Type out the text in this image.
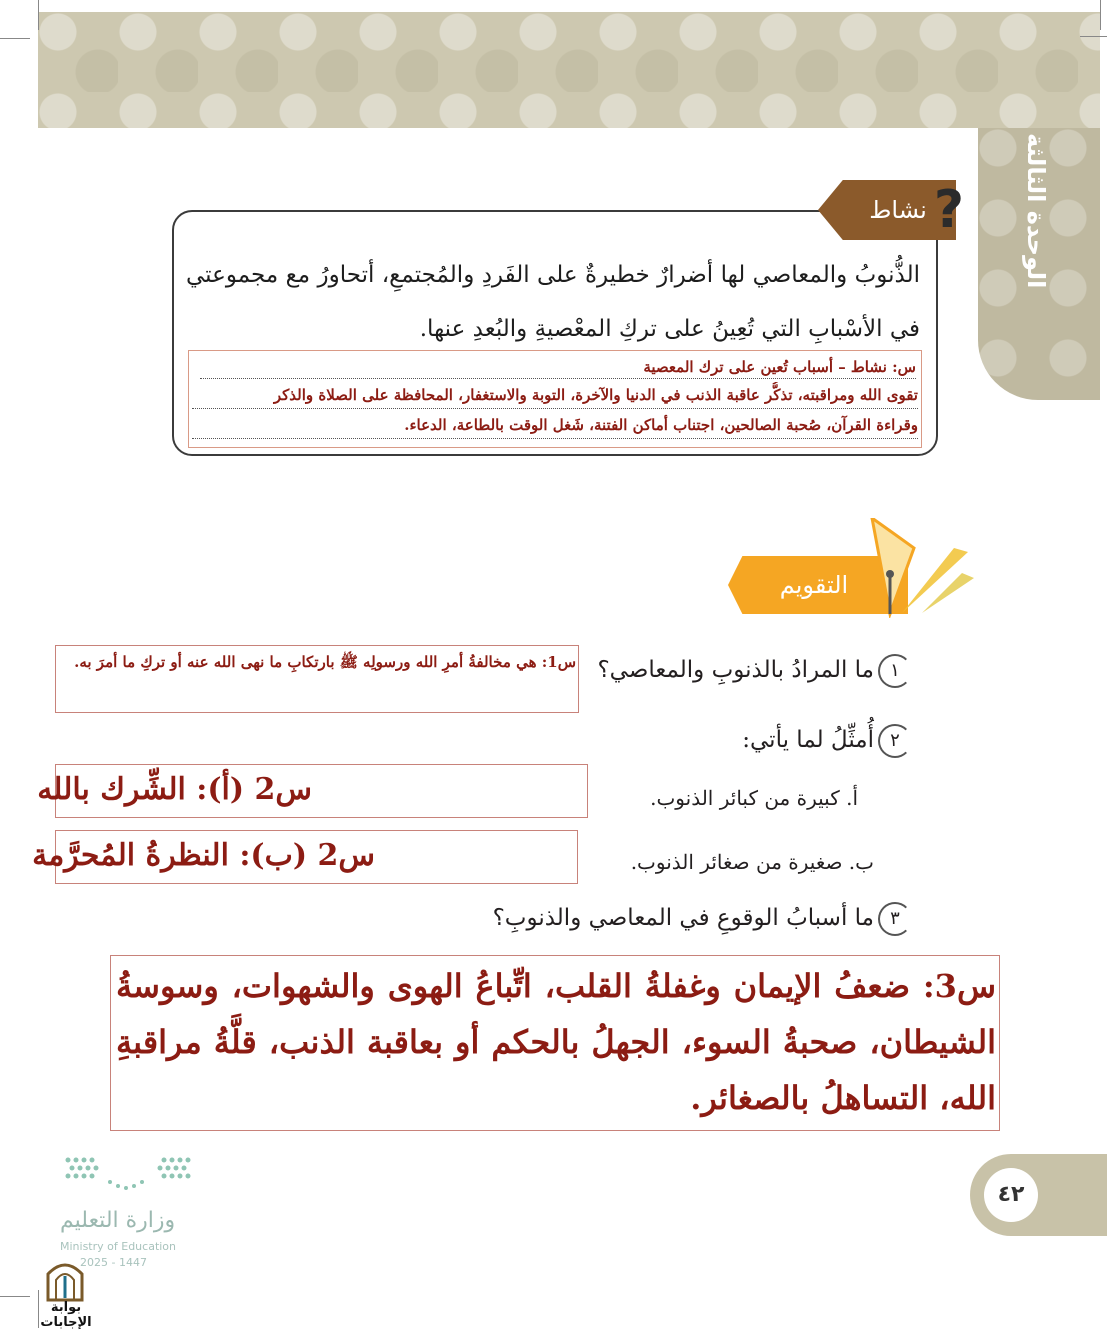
الوحدة الثالثة
نشاط ?
الذُّنوبُ والمعاصي لها أضرارٌ خطيرةٌ على الفَردِ والمُجتمعِ، أتحاورُ مع مجموعتي في الأسْبابِ التي تُعِينُ على تركِ المعْصيةِ والبُعدِ عنها.
س: نشاط – أسباب تُعين على ترك المعصية
تقوى الله ومراقبته، تذكُّر عاقبة الذنب في الدنيا والآخرة، التوبة والاستغفار، المحافظة على الصلاة والذكر
وقراءة القرآن، صُحبة الصالحين، اجتناب أماكن الفتنة، شَغل الوقت بالطاعة، الدعاء.
التقويم
١
ما المرادُ بالذنوبِ والمعاصي؟
س1: هي مخالفةُ أمرِ الله ورسولِه ﷺ بارتكابِ ما نهى الله عنه أو تركِ ما أمرَ به.
٢
أُمثِّلُ لما يأتي:
أ. كبيرة من كبائر الذنوب.
س2 (أ): الشِّرك بالله
ب. صغيرة من صغائر الذنوب.
س2 (ب): النظرةُ المُحرَّمة
٣
ما أسبابُ الوقوعِ في المعاصي والذنوبِ؟
س3: ضعفُ الإيمان وغفلةُ القلب، اتِّباعُ الهوى والشهوات، وسوسةُ الشيطان، صحبةُ السوء، الجهلُ بالحكم أو بعاقبة الذنب، قلَّةُ مراقبةِ الله، التساهلُ بالصغائر.
٤٢
وزارة التعليم
Ministry of Education
2025 - 1447
بوابة الإجابات
